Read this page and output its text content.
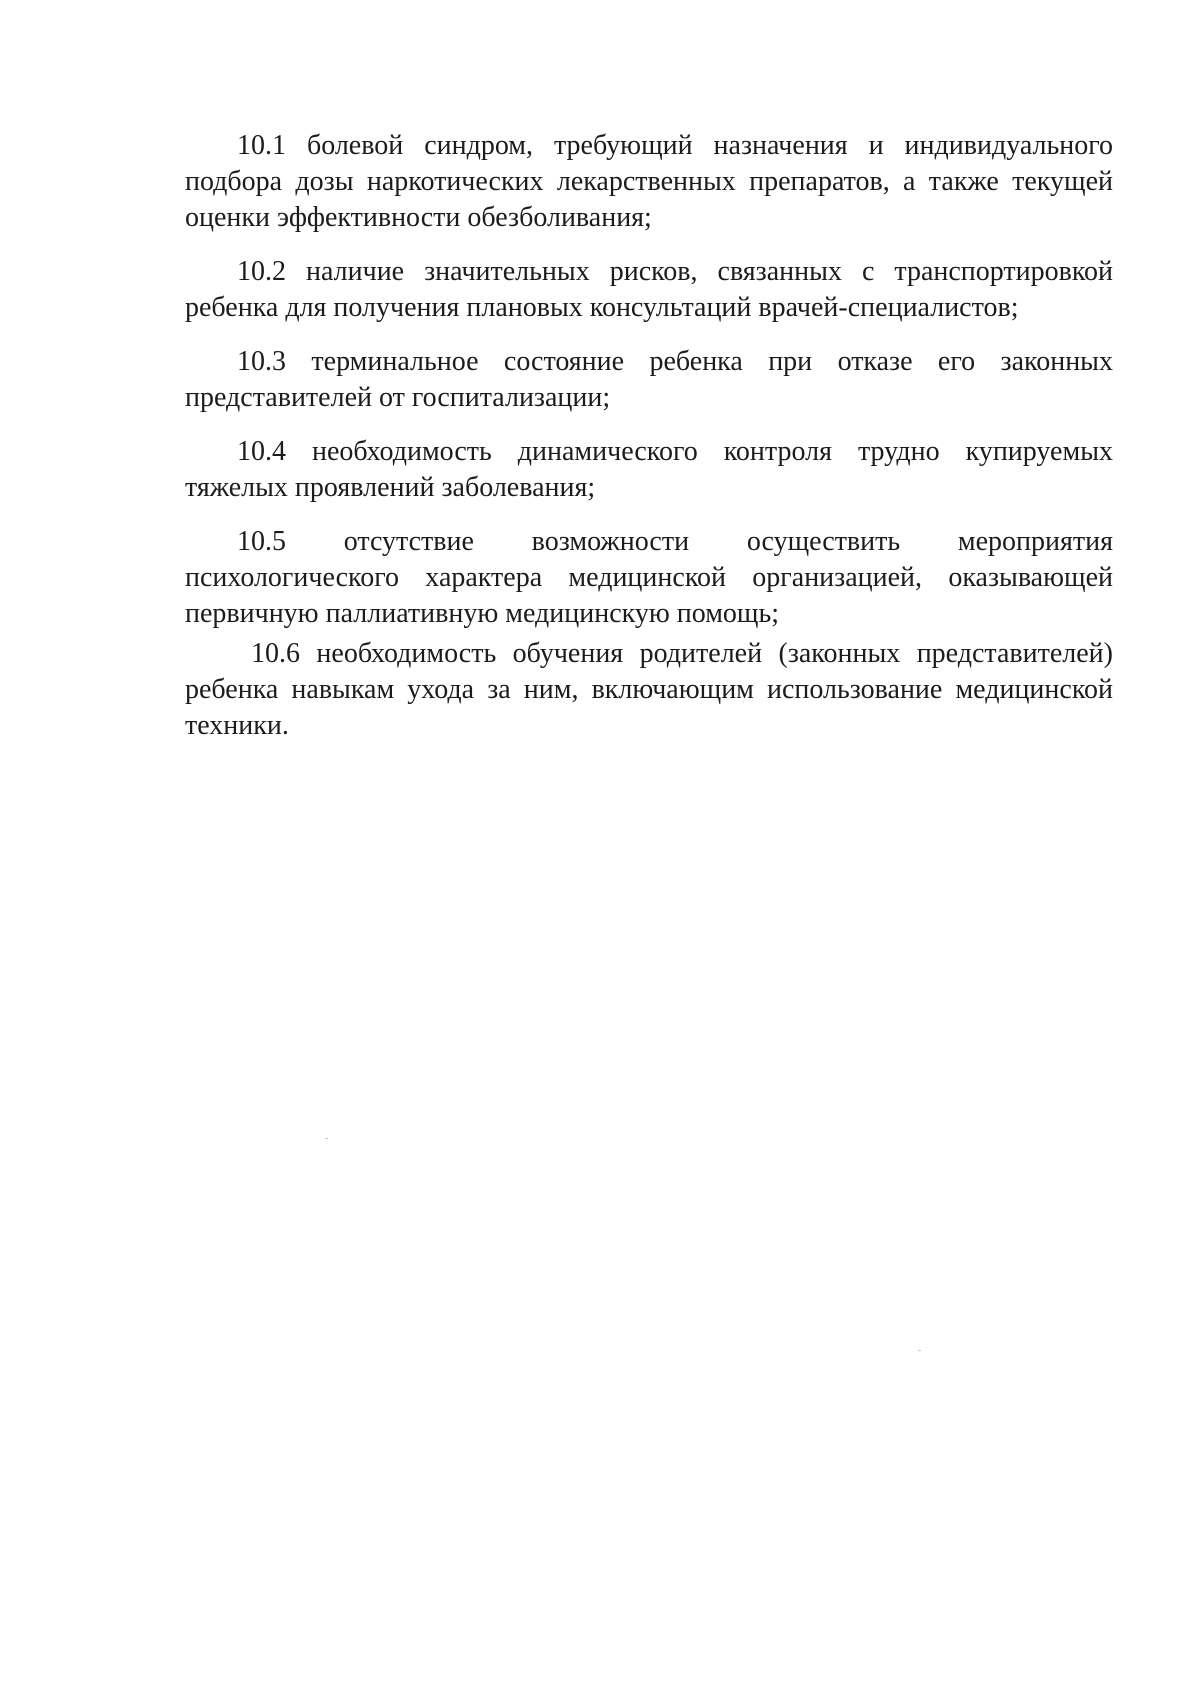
10.1 болевой синдром, требующий назначения и индивидуального подбора дозы наркотических лекарственных препаратов, а также текущей оценки эффективности обезболивания;

10.2 наличие значительных рисков, связанных с транспортировкой ребенка для получения плановых консультаций врачей-специалистов;

10.3 терминальное состояние ребенка при отказе его законных представителей от госпитализации;

10.4 необходимость динамического контроля трудно купируемых тяжелых проявлений заболевания;

10.5 отсутствие возможности осуществить мероприятия психологического характера медицинской организацией, оказывающей первичную паллиативную медицинскую помощь;

10.6 необходимость обучения родителей (законных представителей) ребенка навыкам ухода за ним, включающим использование медицинской техники.
